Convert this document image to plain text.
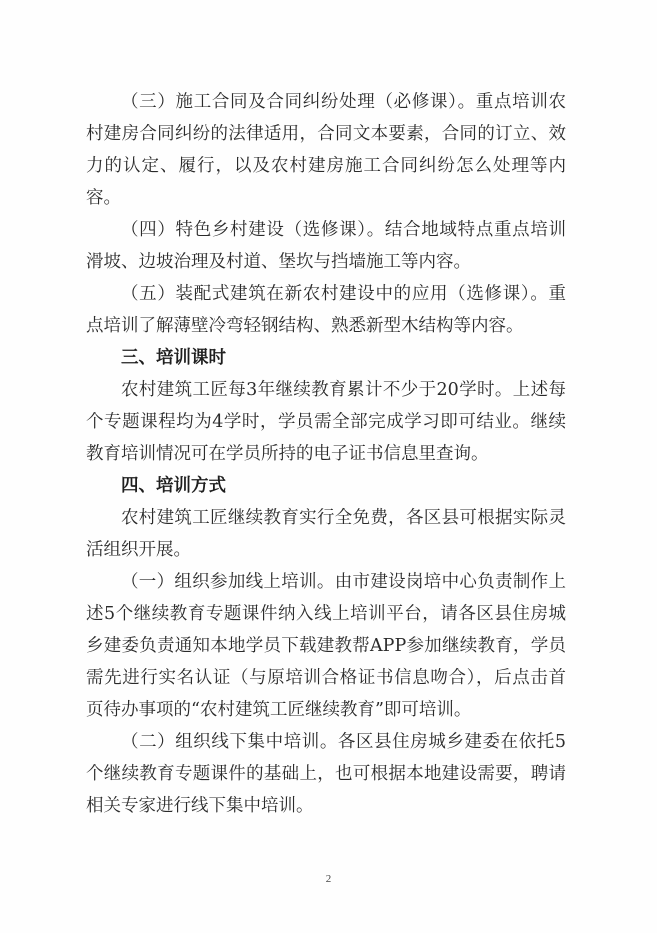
（三）施工合同及合同纠纷处理（必修课）。重点培训农村建房合同纠纷的法律适用，合同文本要素，合同的订立、效力的认定、履行，以及农村建房施工合同纠纷怎么处理等内容。

（四）特色乡村建设（选修课）。结合地域特点重点培训滑坡、边坡治理及村道、堡坎与挡墙施工等内容。

（五）装配式建筑在新农村建设中的应用（选修课）。重点培训了解薄壁冷弯轻钢结构、熟悉新型木结构等内容。

三、培训课时

农村建筑工匠每3年继续教育累计不少于20学时。上述每个专题课程均为4学时，学员需全部完成学习即可结业。继续教育培训情况可在学员所持的电子证书信息里查询。

四、培训方式

农村建筑工匠继续教育实行全免费，各区县可根据实际灵活组织开展。

（一）组织参加线上培训。由市建设岗培中心负责制作上述5个继续教育专题课件纳入线上培训平台，请各区县住房城乡建委负责通知本地学员下载建教帮APP参加继续教育，学员需先进行实名认证（与原培训合格证书信息吻合），后点击首页待办事项的“农村建筑工匠继续教育”即可培训。

（二）组织线下集中培训。各区县住房城乡建委在依托5个继续教育专题课件的基础上，也可根据本地建设需要，聘请相关专家进行线下集中培训。

2
